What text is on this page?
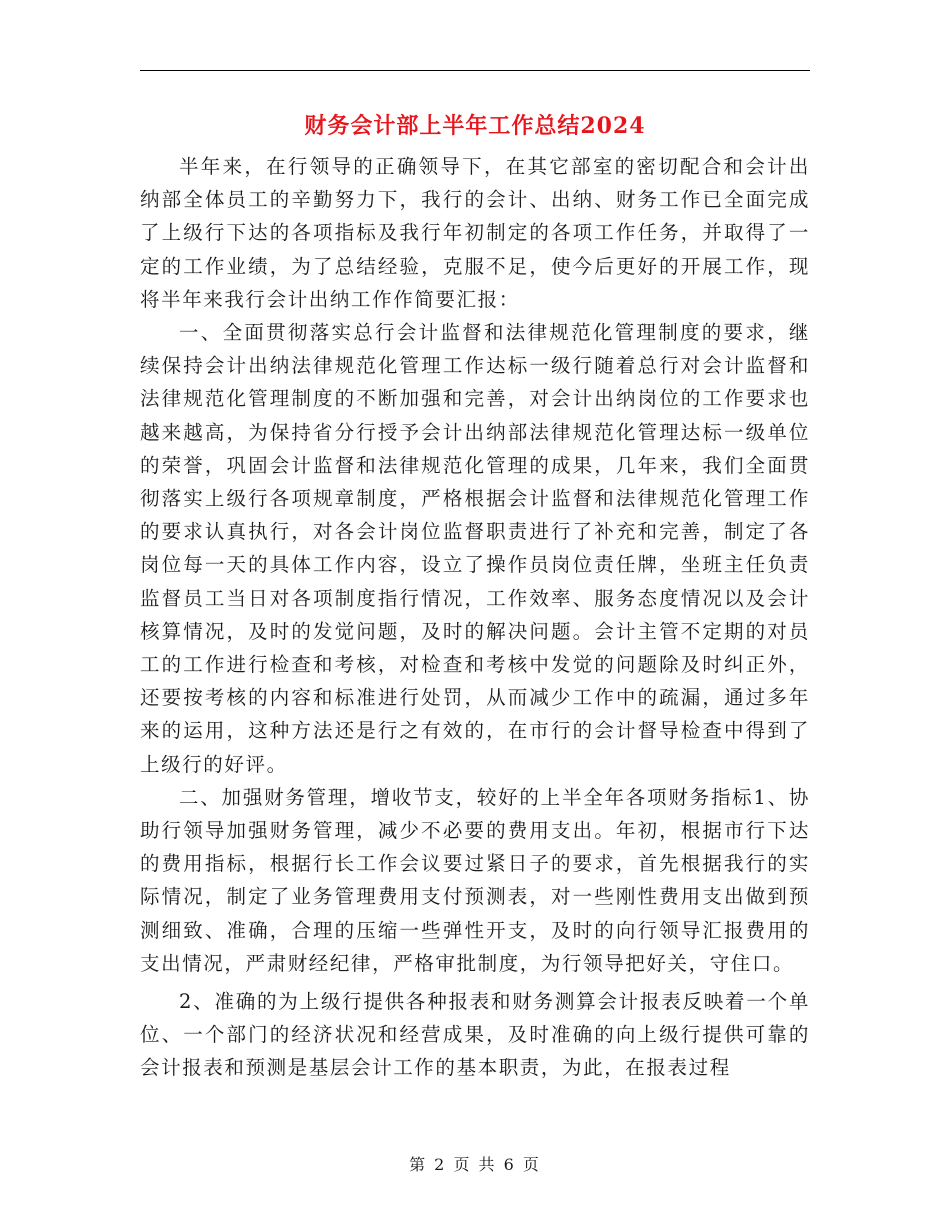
财务会计部上半年工作总结2024

半年来，在行领导的正确领导下，在其它部室的密切配合和会计出纳部全体员工的辛勤努力下，我行的会计、出纳、财务工作已全面完成了上级行下达的各项指标及我行年初制定的各项工作任务，并取得了一定的工作业绩，为了总结经验，克服不足，使今后更好的开展工作，现将半年来我行会计出纳工作作简要汇报：

一、全面贯彻落实总行会计监督和法律规范化管理制度的要求，继续保持会计出纳法律规范化管理工作达标一级行随着总行对会计监督和法律规范化管理制度的不断加强和完善，对会计出纳岗位的工作要求也越来越高，为保持省分行授予会计出纳部法律规范化管理达标一级单位的荣誉，巩固会计监督和法律规范化管理的成果，几年来，我们全面贯彻落实上级行各项规章制度，严格根据会计监督和法律规范化管理工作的要求认真执行，对各会计岗位监督职责进行了补充和完善，制定了各岗位每一天的具体工作内容，设立了操作员岗位责任牌，坐班主任负责监督员工当日对各项制度指行情况，工作效率、服务态度情况以及会计核算情况，及时的发觉问题，及时的解决问题。会计主管不定期的对员工的工作进行检查和考核，对检查和考核中发觉的问题除及时纠正外，还要按考核的内容和标准进行处罚，从而减少工作中的疏漏，通过多年来的运用，这种方法还是行之有效的，在市行的会计督导检查中得到了上级行的好评。

二、加强财务管理，增收节支，较好的上半全年各项财务指标1、协助行领导加强财务管理，减少不必要的费用支出。年初，根据市行下达的费用指标，根据行长工作会议要过紧日子的要求，首先根据我行的实际情况，制定了业务管理费用支付预测表，对一些刚性费用支出做到预测细致、准确，合理的压缩一些弹性开支，及时的向行领导汇报费用的支出情况，严肃财经纪律，严格审批制度，为行领导把好关，守住口。

2、准确的为上级行提供各种报表和财务测算会计报表反映着一个单位、一个部门的经济状况和经营成果，及时准确的向上级行提供可靠的会计报表和预测是基层会计工作的基本职责，为此，在报表过程

第 2 页 共 6 页
